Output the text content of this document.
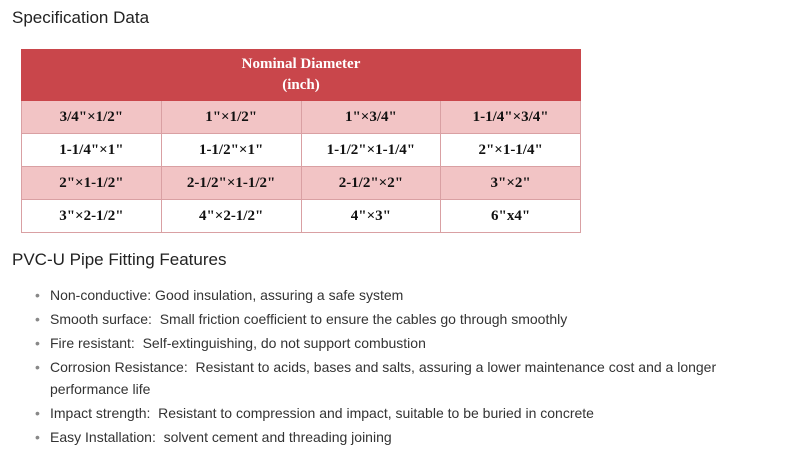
Specification Data
Nominal Diameter
(inch)			

3/4"×1/2"	1"×1/2"	1"×3/4"	1-1/4"×3/4"
1-1/4"×1"	1-1/2"×1"	1-1/2"×1-1/4"	2"×1-1/4"
2"×1-1/2"	2-1/2"×1-1/2"	2-1/2"×2"	3"×2"
3"×2-1/2"	4"×2-1/2"	4"×3"	6"x4"
PVC-U Pipe Fitting Features
• Non-conductive: Good insulation, assuring a safe system
• Smooth surface:  Small friction coefficient to ensure the cables go through smoothly
• Fire resistant:  Self-extinguishing, do not support combustion
• Corrosion Resistance:  Resistant to acids, bases and salts, assuring a lower maintenance cost and a longer performance life
• Impact strength:  Resistant to compression and impact, suitable to be buried in concrete
• Easy Installation:  solvent cement and threading joining
